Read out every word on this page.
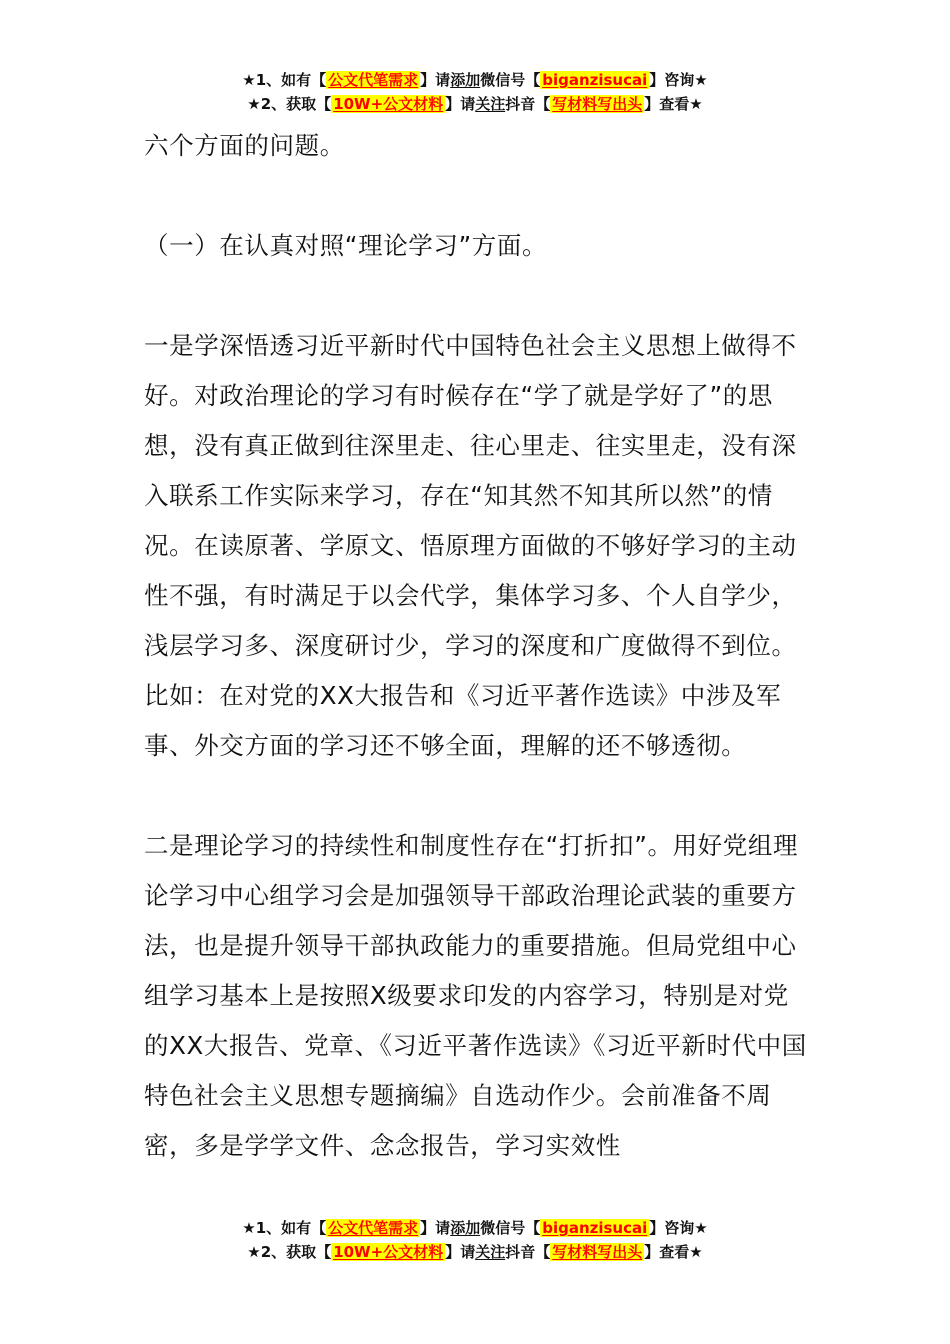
★1、如有【 公文代笔需求 】请添加微信号【 biganzisucai 】咨询★
★2、获取【 10W+公文材料 】请关注抖音【 写材料写出头 】查看★

六个方面的问题。

（一）在认真对照“理论学习”方面。

一是学深悟透习近平新时代中国特色社会主义思想上做得不好。对政治理论的学习有时候存在“学了就是学好了”的思想，没有真正做到往深里走、往心里走、往实里走，没有深入联系工作实际来学习，存在“知其然不知其所以然”的情况。在读原著、学原文、悟原理方面做的不够好学习的主动性不强，有时满足于以会代学，集体学习多、个人自学少，浅层学习多、深度研讨少，学习的深度和广度做得不到位。比如：在对党的XX大报告和《习近平著作选读》中涉及军事、外交方面的学习还不够全面，理解的还不够透彻。

二是理论学习的持续性和制度性存在“打折扣”。用好党组理论学习中心组学习会是加强领导干部政治理论武装的重要方法，也是提升领导干部执政能力的重要措施。但局党组中心组学习基本上是按照X级要求印发的内容学习，特别是对党的XX大报告、党章、《习近平著作选读》《习近平新时代中国特色社会主义思想专题摘编》自选动作少。会前准备不周密，多是学学文件、念念报告，学习实效性

★1、如有【 公文代笔需求 】请添加微信号【 biganzisucai 】咨询★
★2、获取【 10W+公文材料 】请关注抖音【 写材料写出头 】查看★
